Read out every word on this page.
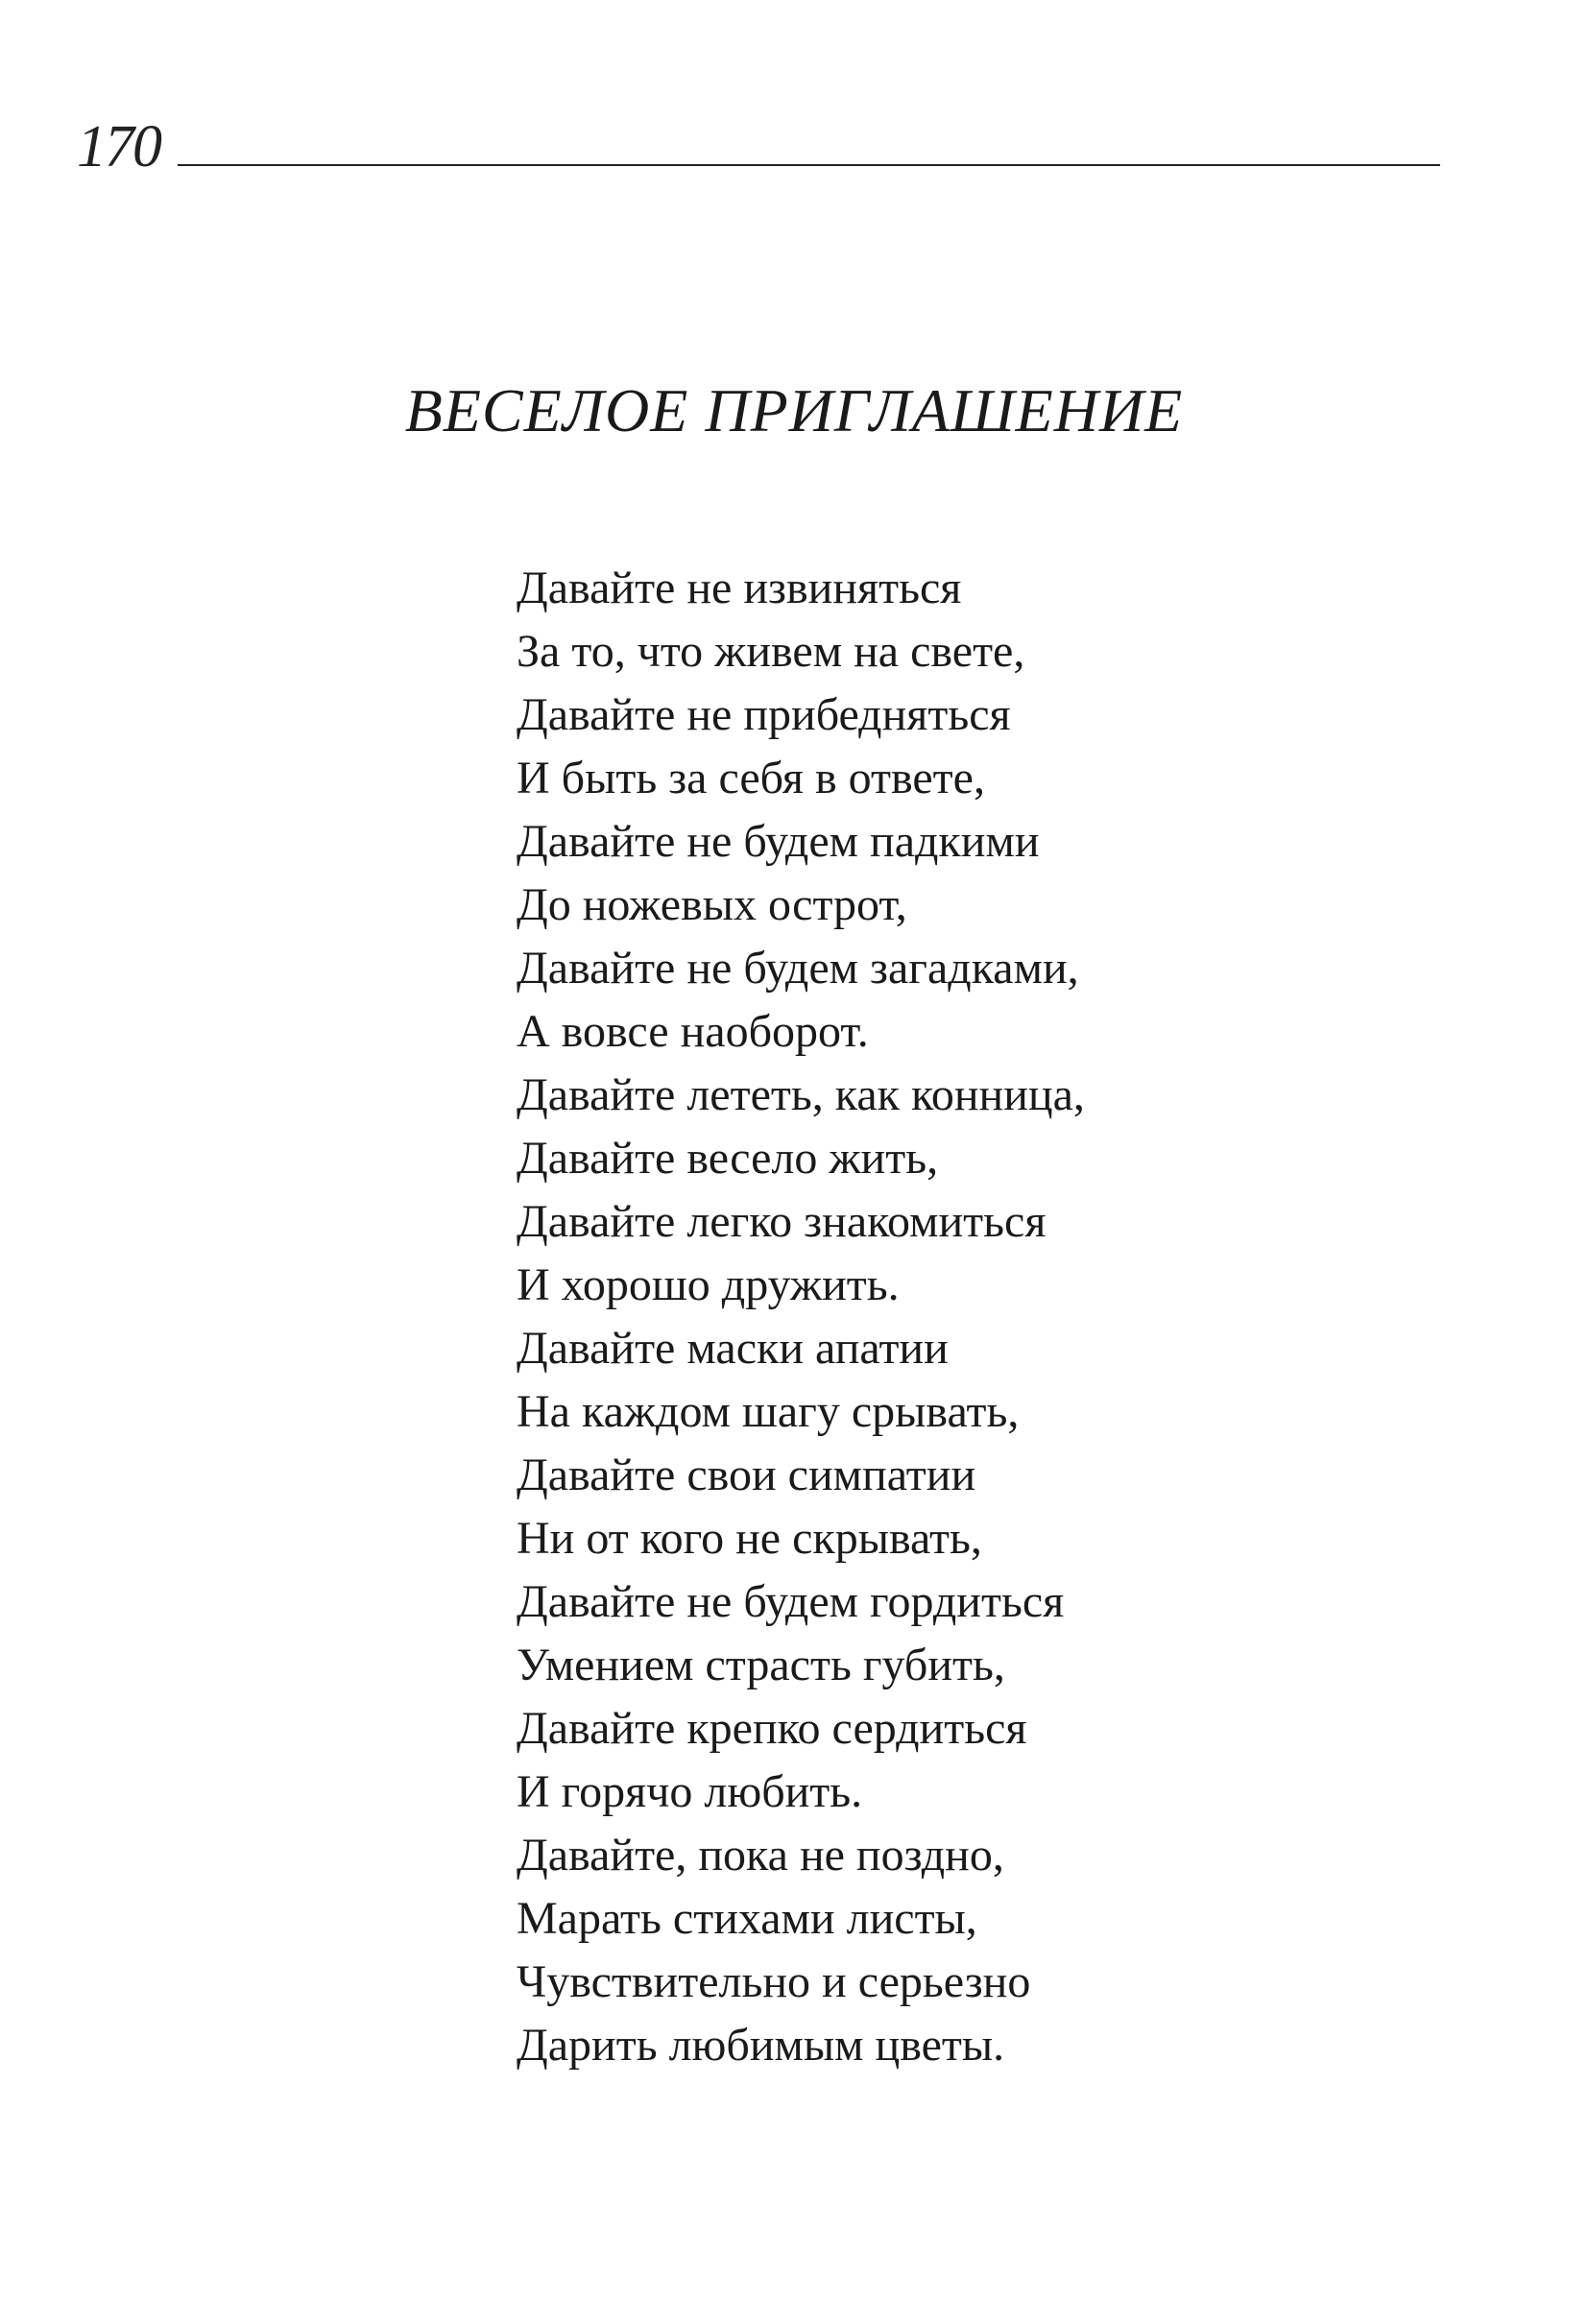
170
ВЕСЕЛОЕ ПРИГЛАШЕНИЕ
Давайте не извиняться
За то, что живем на свете,
Давайте не прибедняться
И быть за себя в ответе,
Давайте не будем падкими
До ножевых острот,
Давайте не будем загадками,
А вовсе наоборот.
Давайте лететь, как конница,
Давайте весело жить,
Давайте легко знакомиться
И хорошо дружить.
Давайте маски апатии
На каждом шагу срывать,
Давайте свои симпатии
Ни от кого не скрывать,
Давайте не будем гордиться
Умением страсть губить,
Давайте крепко сердиться
И горячо любить.
Давайте, пока не поздно,
Марать стихами листы,
Чувствительно и серьезно
Дарить любимым цветы.
